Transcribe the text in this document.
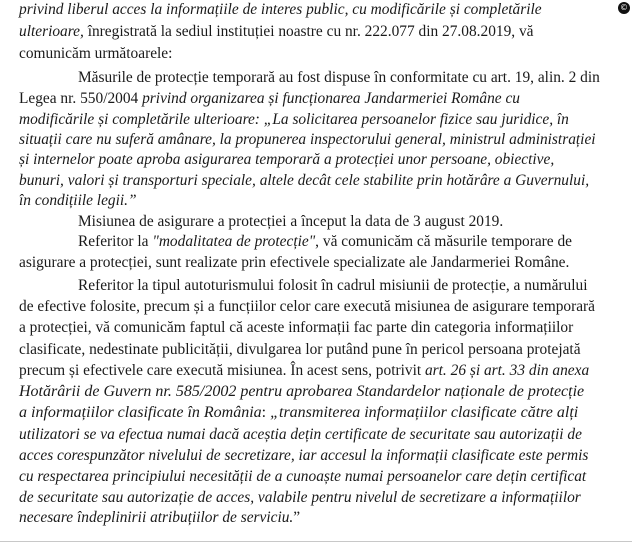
privind liberul acces la informațiile de interes public, cu modificările și completările
ulterioare, înregistrată la sediul instituției noastre cu nr. 222.077 din 27.08.2019, vă
comunicăm următoarele:
Măsurile de protecție temporară au fost dispuse în conformitate cu art. 19, alin. 2 din
Legea nr. 550/2004 privind organizarea și funcționarea Jandarmeriei Române cu
modificările și completările ulterioare: „La solicitarea persoanelor fizice sau juridice, în
situații care nu suferă amânare, la propunerea inspectorului general, ministrul administrației
și internelor poate aproba asigurarea temporară a protecției unor persoane, obiective,
bunuri, valori și transporturi speciale, altele decât cele stabilite prin hotărâre a Guvernului,
în condițiile legii.”
Misiunea de asigurare a protecției a început la data de 3 august 2019.
Referitor la "modalitatea de protecție", vă comunicăm că măsurile temporare de
asigurare a protecției, sunt realizate prin efectivele specializate ale Jandarmeriei Române.
Referitor la tipul autoturismului folosit în cadrul misiunii de protecție, a numărului
de efective folosite, precum și a funcțiilor celor care execută misiunea de asigurare temporară
a protecției, vă comunicăm faptul că aceste informații fac parte din categoria informațiilor
clasificate, nedestinate publicității, divulgarea lor putând pune în pericol persoana protejată
precum și efectivele care execută misiunea. În acest sens, potrivit art. 26 și art. 33 din anexa
Hotărârii de Guvern nr. 585/2002 pentru aprobarea Standardelor naționale de protecție
a informațiilor clasificate în România: „transmiterea informațiilor clasificate către alți
utilizatori se va efectua numai dacă aceștia dețin certificate de securitate sau autorizații de
acces corespunzător nivelului de secretizare, iar accesul la informații clasificate este permis
cu respectarea principiului necesității de a cunoaște numai persoanelor care dețin certificat
de securitate sau autorizație de acces, valabile pentru nivelul de secretizare a informațiilor
necesare îndeplinirii atribuțiilor de serviciu.”
©
